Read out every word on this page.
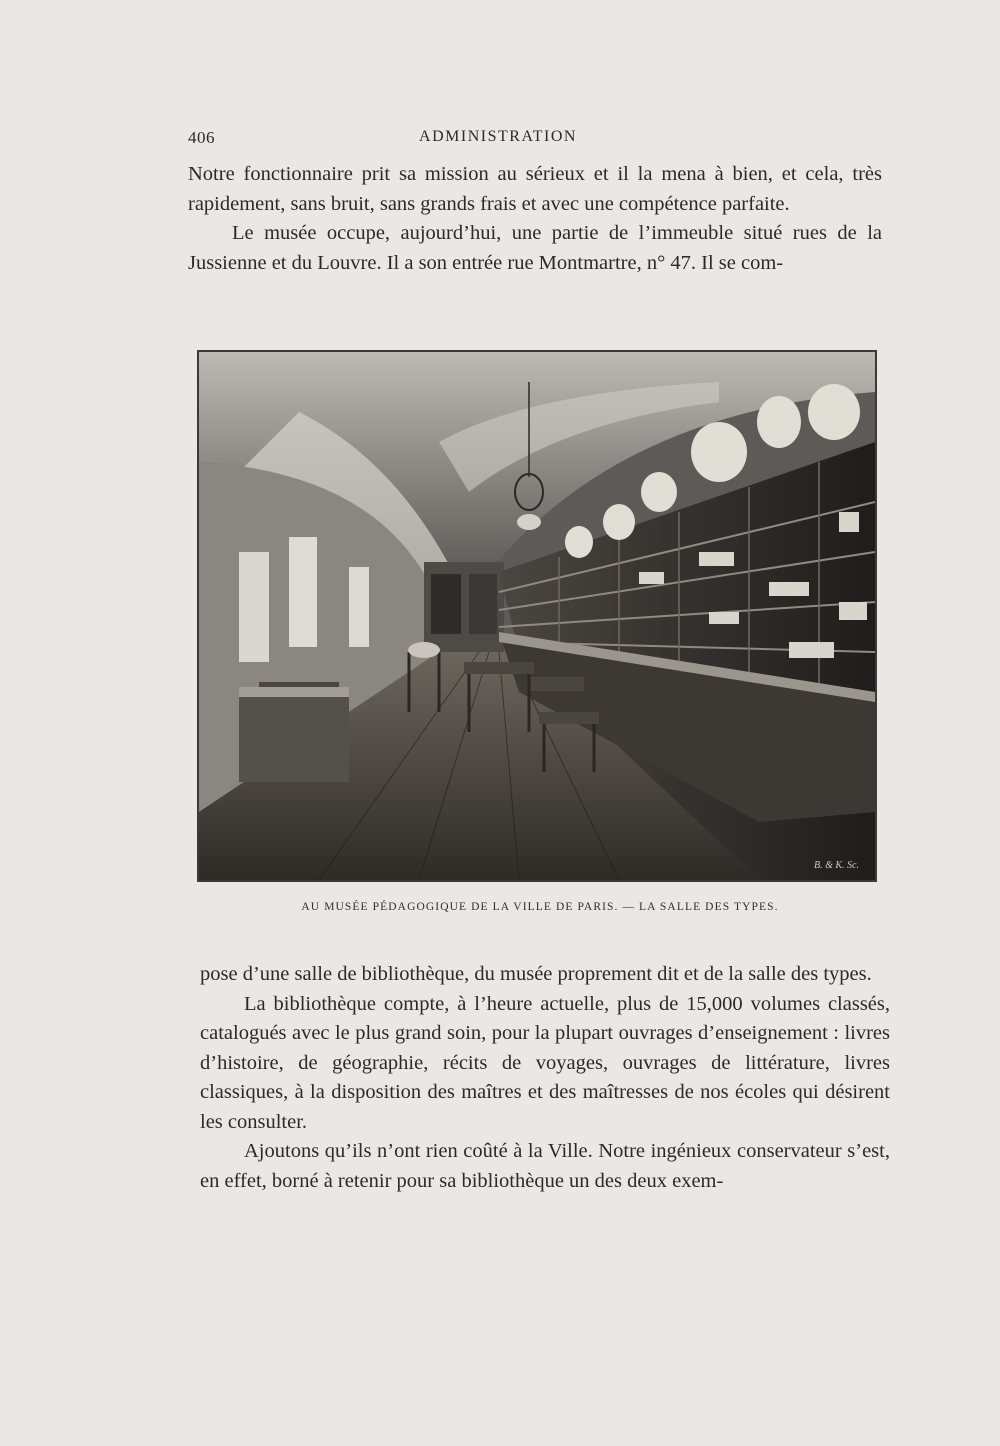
406	ADMINISTRATION

Notre fonctionnaire prit sa mission au sérieux et il la mena à bien, et cela, très rapidement, sans bruit, sans grands frais et avec une compétence parfaite.

Le musée occupe, aujourd’hui, une partie de l’immeuble situé rues de la Jussienne et du Louvre. Il a son entrée rue Montmartre, n° 47. Il se com-

B. & K. Sc.
AU MUSÉE PÉDAGOGIQUE DE LA VILLE DE PARIS. — LA SALLE DES TYPES.

pose d’une salle de bibliothèque, du musée proprement dit et de la salle des types.

La bibliothèque compte, à l’heure actuelle, plus de 15,000 volumes classés, catalogués avec le plus grand soin, pour la plupart ouvrages d’enseignement : livres d’histoire, de géographie, récits de voyages, ouvrages de littérature, livres classiques, à la disposition des maîtres et des maîtresses de nos écoles qui désirent les consulter.

Ajoutons qu’ils n’ont rien coûté à la Ville. Notre ingénieux conservateur s’est, en effet, borné à retenir pour sa bibliothèque un des deux exem-
